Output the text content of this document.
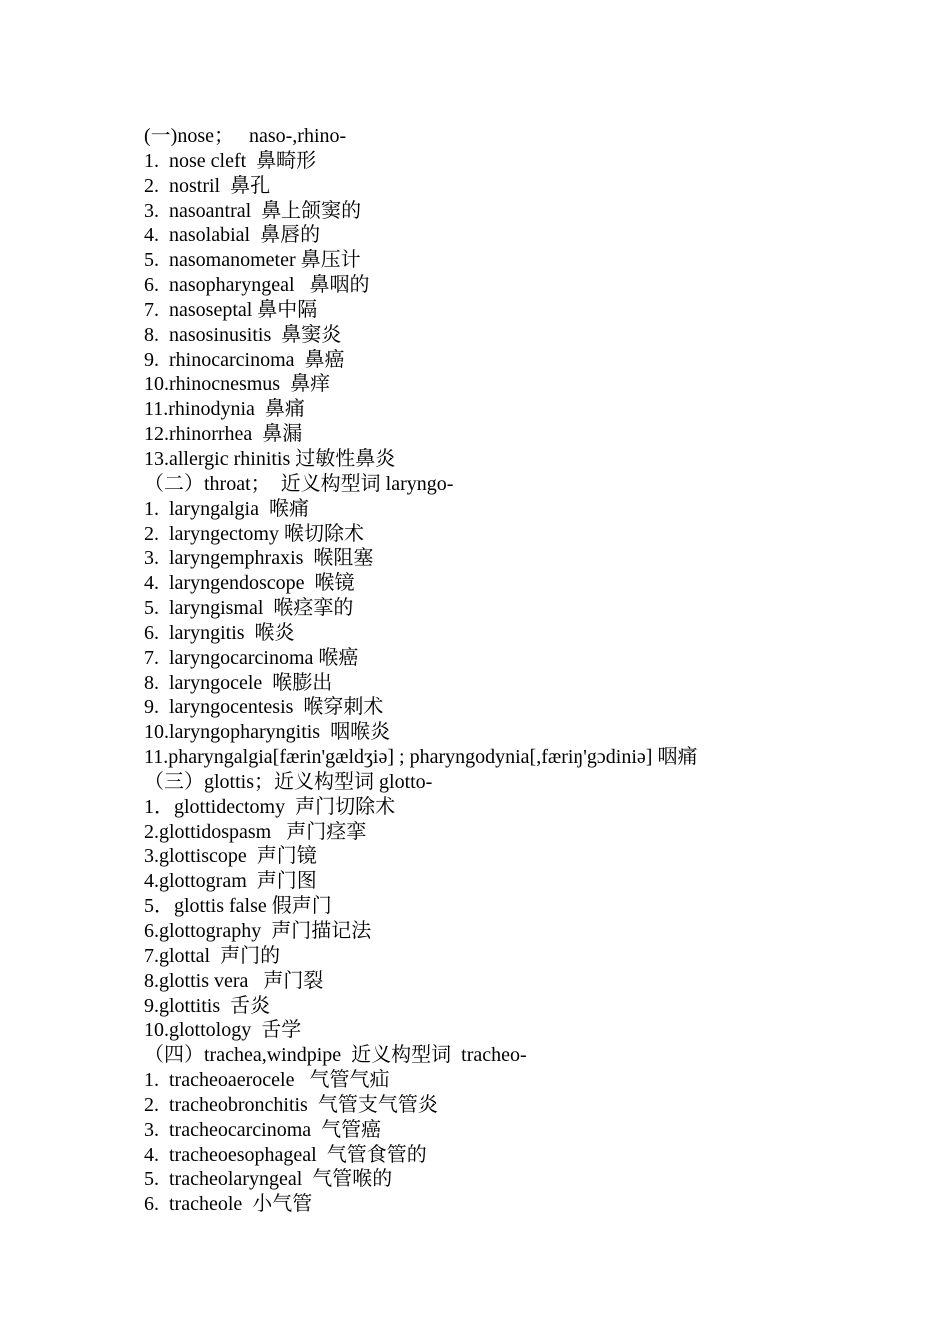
(一)nose；   naso-,rhino-
1.  nose cleft  鼻畸形
2.  nostril  鼻孔
3.  nasoantral  鼻上颌窦的
4.  nasolabial  鼻唇的
5.  nasomanometer 鼻压计
6.  nasopharyngeal   鼻咽的
7.  nasoseptal 鼻中隔
8.  nasosinusitis  鼻窦炎
9.  rhinocarcinoma  鼻癌
10.rhinocnesmus  鼻痒
11.rhinodynia  鼻痛
12.rhinorrhea  鼻漏
13.allergic rhinitis 过敏性鼻炎
（二）throat；  近义构型词 laryngo-
1.  laryngalgia  喉痛
2.  laryngectomy 喉切除术
3.  laryngemphraxis  喉阻塞
4.  laryngendoscope  喉镜
5.  laryngismal  喉痉挛的
6.  laryngitis  喉炎
7.  laryngocarcinoma 喉癌
8.  laryngocele  喉膨出
9.  laryngocentesis  喉穿刺术
10.laryngopharyngitis  咽喉炎
11.pharyngalgia[færin'gældʒiə] ; pharyngodynia[,færiŋ'gɔdiniə] 咽痛
（三）glottis；近义构型词 glotto-
1．glottidectomy  声门切除术
2.glottidospasm   声门痉挛
3.glottiscope  声门镜
4.glottogram  声门图
5．glottis false 假声门
6.glottography  声门描记法
7.glottal  声门的
8.glottis vera   声门裂
9.glottitis  舌炎
10.glottology  舌学
（四）trachea,windpipe  近义构型词  tracheo-
1.  tracheoaerocele   气管气疝
2.  tracheobronchitis  气管支气管炎
3.  tracheocarcinoma  气管癌
4.  tracheoesophageal  气管食管的
5.  tracheolaryngeal  气管喉的
6.  tracheole  小气管
